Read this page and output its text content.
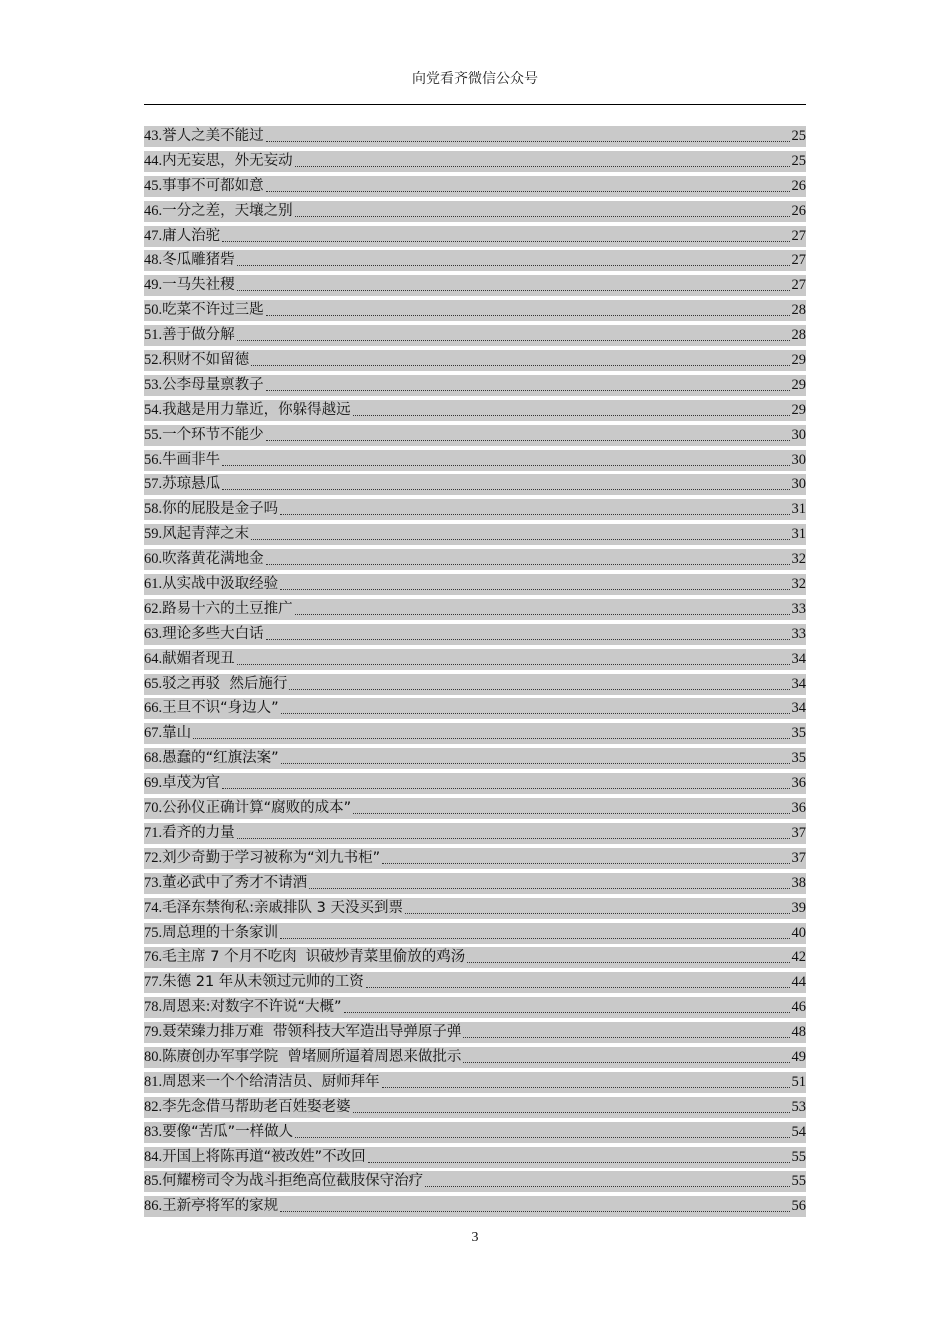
向党看齐微信公众号
43. 誉人之美不能过	25
44. 内无妄思，外无妄动	25
45. 事事不可都如意	26
46. 一分之差，天壤之别	26
47. 庸人治驼	27
48. 冬瓜雕猪砦	27
49. 一马失社稷	27
50. 吃菜不许过三匙	28
51. 善于做分解	28
52. 积财不如留德	29
53. 公李母量禀教子	29
54. 我越是用力靠近，你躲得越远	29
55. 一个环节不能少	30
56. 牛画非牛	30
57. 苏琼悬瓜	30
58. 你的屁股是金子吗	31
59. 风起青萍之末	31
60. 吹落黄花满地金	32
61. 从实战中汲取经验	32
62. 路易十六的土豆推广	33
63. 理论多些大白话	33
64. 献媚者现丑	34
65. 驳之再驳  然后施行	34
66. 王旦不识“身边人”	34
67. 靠山	35
68. 愚蠢的“红旗法案”	35
69. 卓茂为官	36
70. 公孙仪正确计算“腐败的成本”	36
71. 看齐的力量	37
72. 刘少奇勤于学习被称为“刘九书柜”	37
73. 董必武中了秀才不请酒	38
74. 毛泽东禁徇私:亲戚排队 3 天没买到票	39
75. 周总理的十条家训	40
76. 毛主席 7 个月不吃肉  识破炒青菜里偷放的鸡汤	42
77. 朱德 21 年从未领过元帅的工资	44
78. 周恩来:对数字不许说“大概”	46
79. 聂荣臻力排万难  带领科技大军造出导弹原子弹	48
80. 陈赓创办军事学院  曾堵厕所逼着周恩来做批示	49
81. 周恩来一个个给清洁员、厨师拜年	51
82. 李先念借马帮助老百姓娶老婆	53
83. 要像“苦瓜”一样做人	54
84. 开国上将陈再道“被改姓”不改回	55
85. 何耀榜司令为战斗拒绝高位截肢保守治疗	55
86. 王新亭将军的家规	56
3
